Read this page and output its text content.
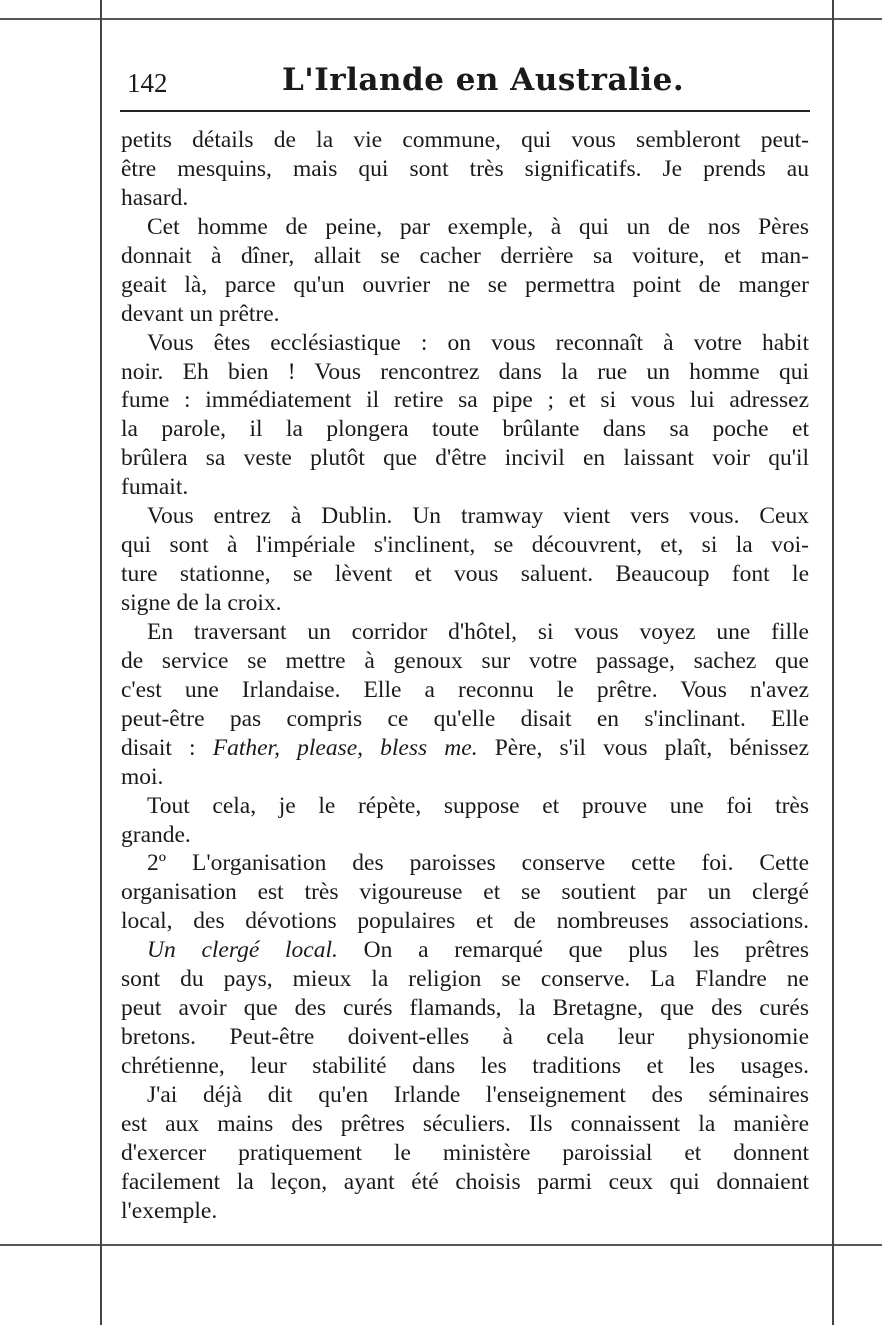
142	L'Irlande en Australie.
petits détails de la vie commune, qui vous sembleront peut-
être mesquins, mais qui sont très significatifs. Je prends au
hasard.
Cet homme de peine, par exemple, à qui un de nos Pères
donnait à dîner, allait se cacher derrière sa voiture, et man-
geait là, parce qu'un ouvrier ne se permettra point de manger
devant un prêtre.
Vous êtes ecclésiastique : on vous reconnaît à votre habit
noir. Eh bien ! Vous rencontrez dans la rue un homme qui
fume : immédiatement il retire sa pipe ; et si vous lui adressez
la parole, il la plongera toute brûlante dans sa poche et
brûlera sa veste plutôt que d'être incivil en laissant voir qu'il
fumait.
Vous entrez à Dublin. Un tramway vient vers vous. Ceux
qui sont à l'impériale s'inclinent, se découvrent, et, si la voi-
ture stationne, se lèvent et vous saluent. Beaucoup font le
signe de la croix.
En traversant un corridor d'hôtel, si vous voyez une fille
de service se mettre à genoux sur votre passage, sachez que
c'est une Irlandaise. Elle a reconnu le prêtre. Vous n'avez
peut-être pas compris ce qu'elle disait en s'inclinant. Elle
disait : Father, please, bless me. Père, s'il vous plaît, bénissez
moi.
Tout cela, je le répète, suppose et prouve une foi très
grande.
2º L'organisation des paroisses conserve cette foi. Cette
organisation est très vigoureuse et se soutient par un clergé
local, des dévotions populaires et de nombreuses associations.
Un clergé local. On a remarqué que plus les prêtres
sont du pays, mieux la religion se conserve. La Flandre ne
peut avoir que des curés flamands, la Bretagne, que des curés
bretons. Peut-être doivent-elles à cela leur physionomie
chrétienne, leur stabilité dans les traditions et les usages.
J'ai déjà dit qu'en Irlande l'enseignement des séminaires
est aux mains des prêtres séculiers. Ils connaissent la manière
d'exercer pratiquement le ministère paroissial et donnent
facilement la leçon, ayant été choisis parmi ceux qui donnaient
l'exemple.
